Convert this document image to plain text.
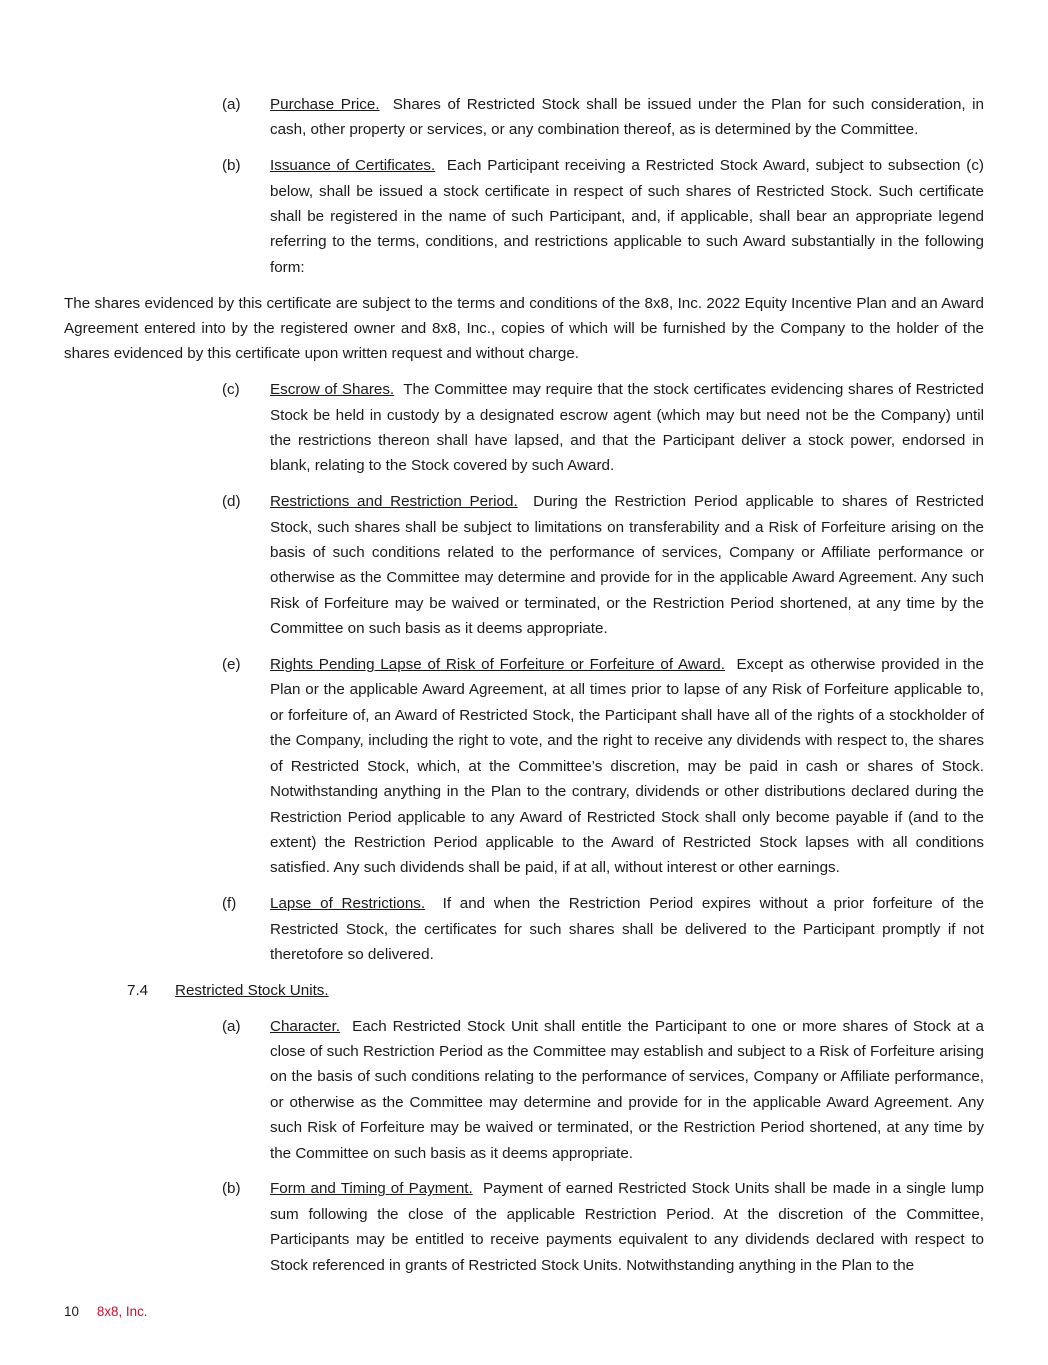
(a) Purchase Price. Shares of Restricted Stock shall be issued under the Plan for such consideration, in cash, other property or services, or any combination thereof, as is determined by the Committee.
(b) Issuance of Certificates. Each Participant receiving a Restricted Stock Award, subject to subsection (c) below, shall be issued a stock certificate in respect of such shares of Restricted Stock. Such certificate shall be registered in the name of such Participant, and, if applicable, shall bear an appropriate legend referring to the terms, conditions, and restrictions applicable to such Award substantially in the following form:

The shares evidenced by this certificate are subject to the terms and conditions of the 8x8, Inc. 2022 Equity Incentive Plan and an Award Agreement entered into by the registered owner and 8x8, Inc., copies of which will be furnished by the Company to the holder of the shares evidenced by this certificate upon written request and without charge.

(c) Escrow of Shares. The Committee may require that the stock certificates evidencing shares of Restricted Stock be held in custody by a designated escrow agent (which may but need not be the Company) until the restrictions thereon shall have lapsed, and that the Participant deliver a stock power, endorsed in blank, relating to the Stock covered by such Award.
(d) Restrictions and Restriction Period. During the Restriction Period applicable to shares of Restricted Stock, such shares shall be subject to limitations on transferability and a Risk of Forfeiture arising on the basis of such conditions related to the performance of services, Company or Affiliate performance or otherwise as the Committee may determine and provide for in the applicable Award Agreement. Any such Risk of Forfeiture may be waived or terminated, or the Restriction Period shortened, at any time by the Committee on such basis as it deems appropriate.
(e) Rights Pending Lapse of Risk of Forfeiture or Forfeiture of Award. Except as otherwise provided in the Plan or the applicable Award Agreement, at all times prior to lapse of any Risk of Forfeiture applicable to, or forfeiture of, an Award of Restricted Stock, the Participant shall have all of the rights of a stockholder of the Company, including the right to vote, and the right to receive any dividends with respect to, the shares of Restricted Stock, which, at the Committee’s discretion, may be paid in cash or shares of Stock. Notwithstanding anything in the Plan to the contrary, dividends or other distributions declared during the Restriction Period applicable to any Award of Restricted Stock shall only become payable if (and to the extent) the Restriction Period applicable to the Award of Restricted Stock lapses with all conditions satisfied. Any such dividends shall be paid, if at all, without interest or other earnings.
(f) Lapse of Restrictions. If and when the Restriction Period expires without a prior forfeiture of the Restricted Stock, the certificates for such shares shall be delivered to the Participant promptly if not theretofore so delivered.
7.4 Restricted Stock Units.
(a) Character. Each Restricted Stock Unit shall entitle the Participant to one or more shares of Stock at a close of such Restriction Period as the Committee may establish and subject to a Risk of Forfeiture arising on the basis of such conditions relating to the performance of services, Company or Affiliate performance, or otherwise as the Committee may determine and provide for in the applicable Award Agreement. Any such Risk of Forfeiture may be waived or terminated, or the Restriction Period shortened, at any time by the Committee on such basis as it deems appropriate.
(b) Form and Timing of Payment. Payment of earned Restricted Stock Units shall be made in a single lump sum following the close of the applicable Restriction Period. At the discretion of the Committee, Participants may be entitled to receive payments equivalent to any dividends declared with respect to Stock referenced in grants of Restricted Stock Units. Notwithstanding anything in the Plan to the
10 8x8, Inc.
